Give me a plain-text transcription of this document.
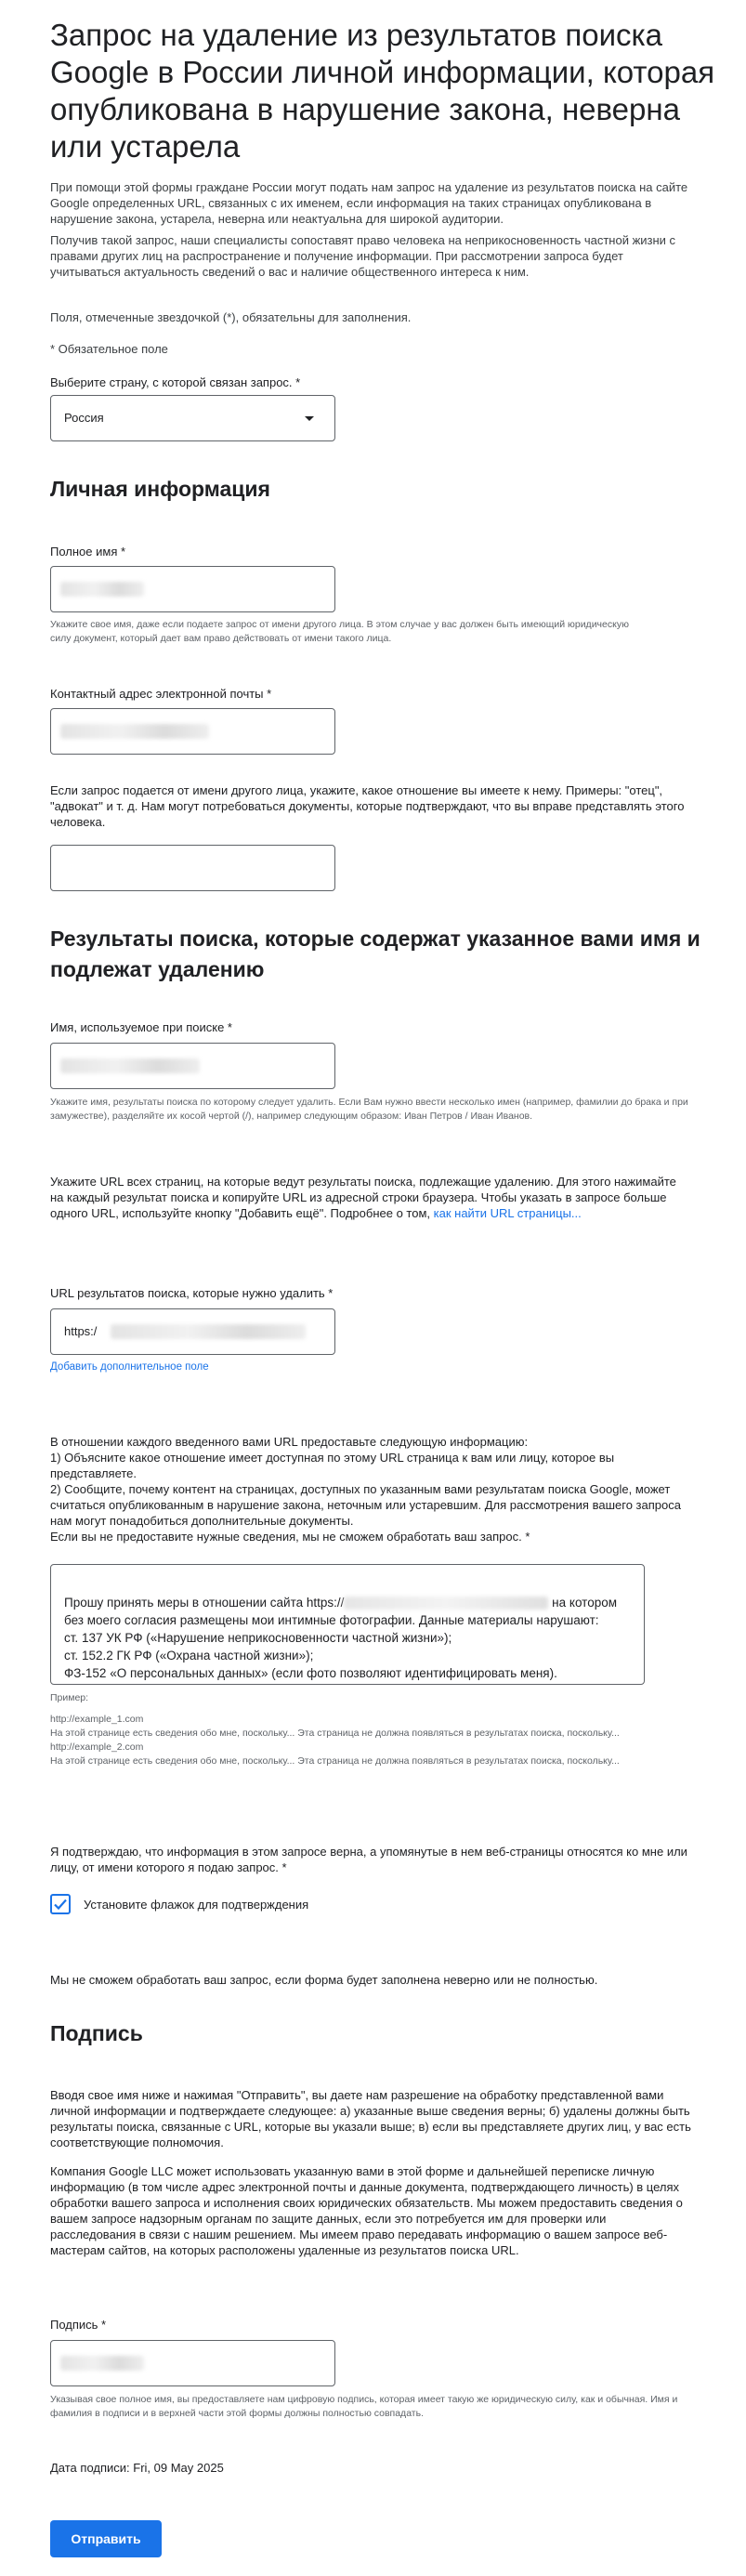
Запрос на удаление из результатов поиска Google в России личной информации, которая опубликована в нарушение закона, неверна или устарела

При помощи этой формы граждане России могут подать нам запрос на удаление из результатов поиска на сайте Google определенных URL, связанных с их именем, если информация на таких страницах опубликована в нарушение закона, устарела, неверна или неактуальна для широкой аудитории.

Получив такой запрос, наши специалисты сопоставят право человека на неприкосновенность частной жизни с правами других лиц на распространение и получение информации. При рассмотрении запроса будет учитываться актуальность сведений о вас и наличие общественного интереса к ним.

Поля, отмеченные звездочкой (*), обязательны для заполнения.

* Обязательное поле

Выберите страну, с которой связан запрос. *
Россия
Личная информация
Полное имя *
Укажите свое имя, даже если подаете запрос от имени другого лица. В этом случае у вас должен быть имеющий юридическую силу документ, который дает вам право действовать от имени такого лица.
Контактный адрес электронной почты *
Если запрос подается от имени другого лица, укажите, какое отношение вы имеете к нему. Примеры: "отец", "адвокат" и т. д. Нам могут потребоваться документы, которые подтверждают, что вы вправе представлять этого человека.
Результаты поиска, которые содержат указанное вами имя и подлежат удалению
Имя, используемое при поиске *
Укажите имя, результаты поиска по которому следует удалить. Если Вам нужно ввести несколько имен (например, фамилии до брака и при замужестве), разделяйте их косой чертой (/), например следующим образом: Иван Петров / Иван Иванов.
Укажите URL всех страниц, на которые ведут результаты поиска, подлежащие удалению. Для этого нажимайте на каждый результат поиска и копируйте URL из адресной строки браузера. Чтобы указать в запросе больше одного URL, используйте кнопку "Добавить ещё". Подробнее о том, как найти URL страницы...
URL результатов поиска, которые нужно удалить *
https:/
Добавить дополнительное поле
В отношении каждого введенного вами URL предоставьте следующую информацию:
1) Объясните какое отношение имеет доступная по этому URL страница к вам или лицу, которое вы представляете.
2) Сообщите, почему контент на страницах, доступных по указанным вами результатам поиска Google, может считаться опубликованным в нарушение закона, неточным или устаревшим. Для рассмотрения вашего запроса нам могут понадобиться дополнительные документы.
Если вы не предоставите нужные сведения, мы не сможем обработать ваш запрос. *

Прошу принять меры в отношении сайта https://	на котором
без моего согласия размещены мои интимные фотографии. Данные материалы нарушают:
ст. 137 УК РФ («Нарушение неприкосновенности частной жизни»);
ст. 152.2 ГК РФ («Охрана частной жизни»);
ФЗ-152 «О персональных данных» (если фото позволяют идентифицировать меня).

Пример:
http://example_1.com
На этой странице есть сведения обо мне, поскольку... Эта страница не должна появляться в результатах поиска, поскольку...
http://example_2.com
На этой странице есть сведения обо мне, поскольку... Эта страница не должна появляться в результатах поиска, поскольку...
Я подтверждаю, что информация в этом запросе верна, а упомянутые в нем веб-страницы относятся ко мне или лицу, от имени которого я подаю запрос. *
Установите флажок для подтверждения
Мы не сможем обработать ваш запрос, если форма будет заполнена неверно или не полностью.
Подпись
Вводя свое имя ниже и нажимая "Отправить", вы даете нам разрешение на обработку представленной вами личной информации и подтверждаете следующее: а) указанные выше сведения верны; б) удалены должны быть результаты поиска, связанные с URL, которые вы указали выше; в) если вы представляете других лиц, у вас есть соответствующие полномочия.
Компания Google LLC может использовать указанную вами в этой форме и дальнейшей переписке личную информацию (в том числе адрес электронной почты и данные документа, подтверждающего личность) в целях обработки вашего запроса и исполнения своих юридических обязательств. Мы можем предоставить сведения о вашем запросе надзорным органам по защите данных, если это потребуется им для проверки или расследования в связи с нашим решением. Мы имеем право передавать информацию о вашем запросе веб-мастерам сайтов, на которых расположены удаленные из результатов поиска URL.
Подпись *
Указывая свое полное имя, вы предоставляете нам цифровую подпись, которая имеет такую же юридическую силу, как и обычная. Имя и фамилия в подписи и в верхней части этой формы должны полностью совпадать.
Дата подписи: Fri, 09 May 2025
Отправить
